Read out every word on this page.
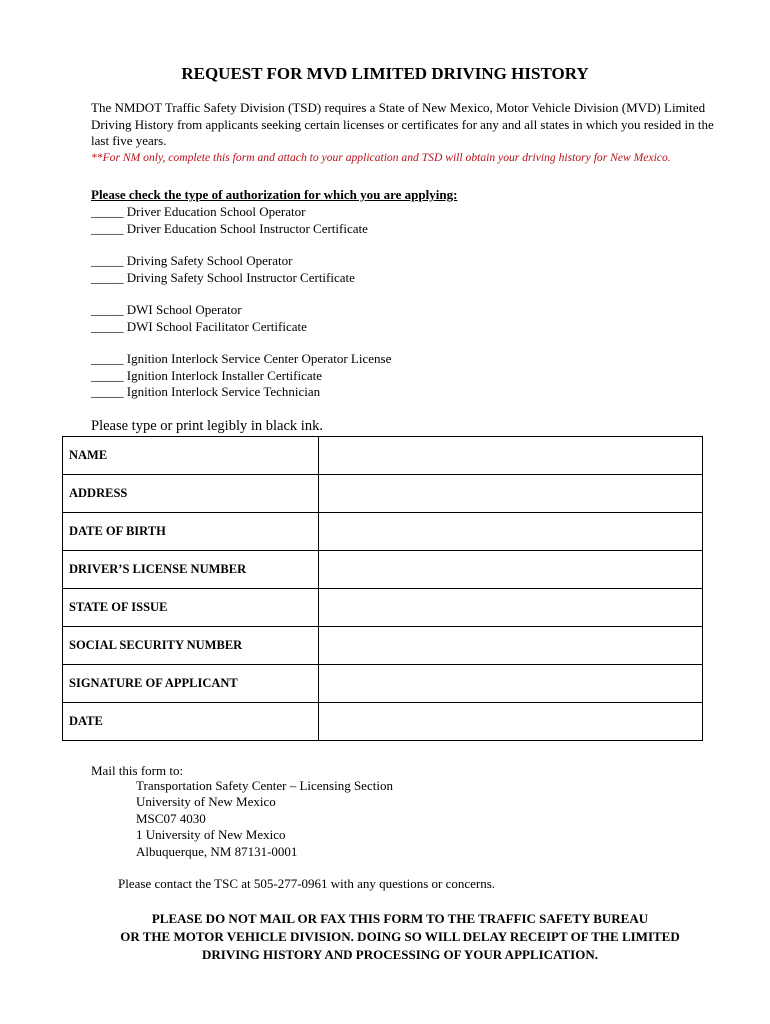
REQUEST FOR MVD LIMITED DRIVING HISTORY
The NMDOT Traffic Safety Division (TSD) requires a State of New Mexico, Motor Vehicle Division (MVD) Limited Driving History from applicants seeking certain licenses or certificates for any and all states in which you resided in the last five years.
**For NM only, complete this form and attach to your application and TSD will obtain your driving history for New Mexico.
Please check the type of authorization for which you are applying:
_____ Driver Education School Operator
_____ Driver Education School Instructor Certificate
_____ Driving Safety School Operator
_____ Driving Safety School Instructor Certificate
_____ DWI School Operator
_____ DWI School Facilitator Certificate
_____ Ignition Interlock Service Center Operator License
_____ Ignition Interlock Installer Certificate
_____ Ignition Interlock Service Technician
Please type or print legibly in black ink.
NAME	
ADDRESS	
DATE OF BIRTH	
DRIVER’S LICENSE NUMBER	
STATE OF ISSUE	
SOCIAL SECURITY NUMBER	
SIGNATURE OF APPLICANT	
DATE	
Mail this form to:
Transportation Safety Center – Licensing Section
University of New Mexico
MSC07 4030
1 University of New Mexico
Albuquerque, NM 87131-0001
Please contact the TSC at 505-277-0961 with any questions or concerns.
PLEASE DO NOT MAIL OR FAX THIS FORM TO THE TRAFFIC SAFETY BUREAU
OR THE MOTOR VEHICLE DIVISION. DOING SO WILL DELAY RECEIPT OF THE LIMITED
DRIVING HISTORY AND PROCESSING OF YOUR APPLICATION.
